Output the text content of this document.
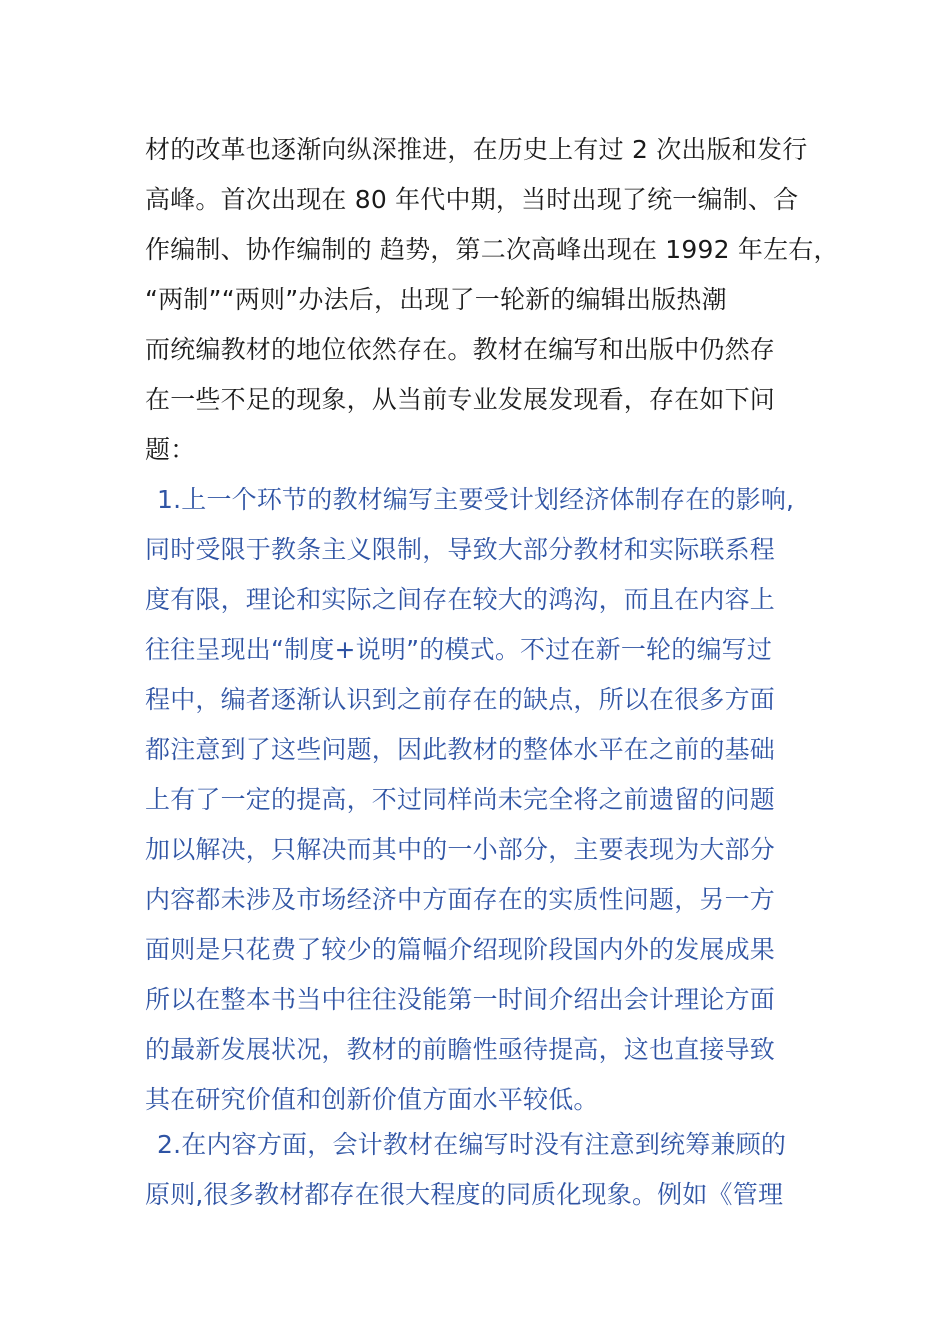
材的改革也逐渐向纵深推进，在历史上有过 2 次出版和发行
高峰。首次出现在 80 年代中期，当时出现了统一编制、合
作编制、协作编制的 趋势，第二次高峰出现在 1992 年左右，
“两制”“两则”办法后，出现了一轮新的编辑出版热潮
而统编教材的地位依然存在。教材在编写和出版中仍然存
在一些不足的现象，从当前专业发展发现看，存在如下问
题：
1.上一个环节的教材编写主要受计划经济体制存在的影响,
同时受限于教条主义限制，导致大部分教材和实际联系程
度有限，理论和实际之间存在较大的鸿沟，而且在内容上
往往呈现出“制度+说明”的模式。不过在新一轮的编写过
程中，编者逐渐认识到之前存在的缺点，所以在很多方面
都注意到了这些问题，因此教材的整体水平在之前的基础
上有了一定的提高，不过同样尚未完全将之前遗留的问题
加以解决，只解决而其中的一小部分，主要表现为大部分
内容都未涉及市场经济中方面存在的实质性问题，另一方
面则是只花费了较少的篇幅介绍现阶段国内外的发展成果
所以在整本书当中往往没能第一时间介绍出会计理论方面
的最新发展状况，教材的前瞻性亟待提高，这也直接导致
其在研究价值和创新价值方面水平较低。
2.在内容方面，会计教材在编写时没有注意到统筹兼顾的
原则,很多教材都存在很大程度的同质化现象。例如《管理
